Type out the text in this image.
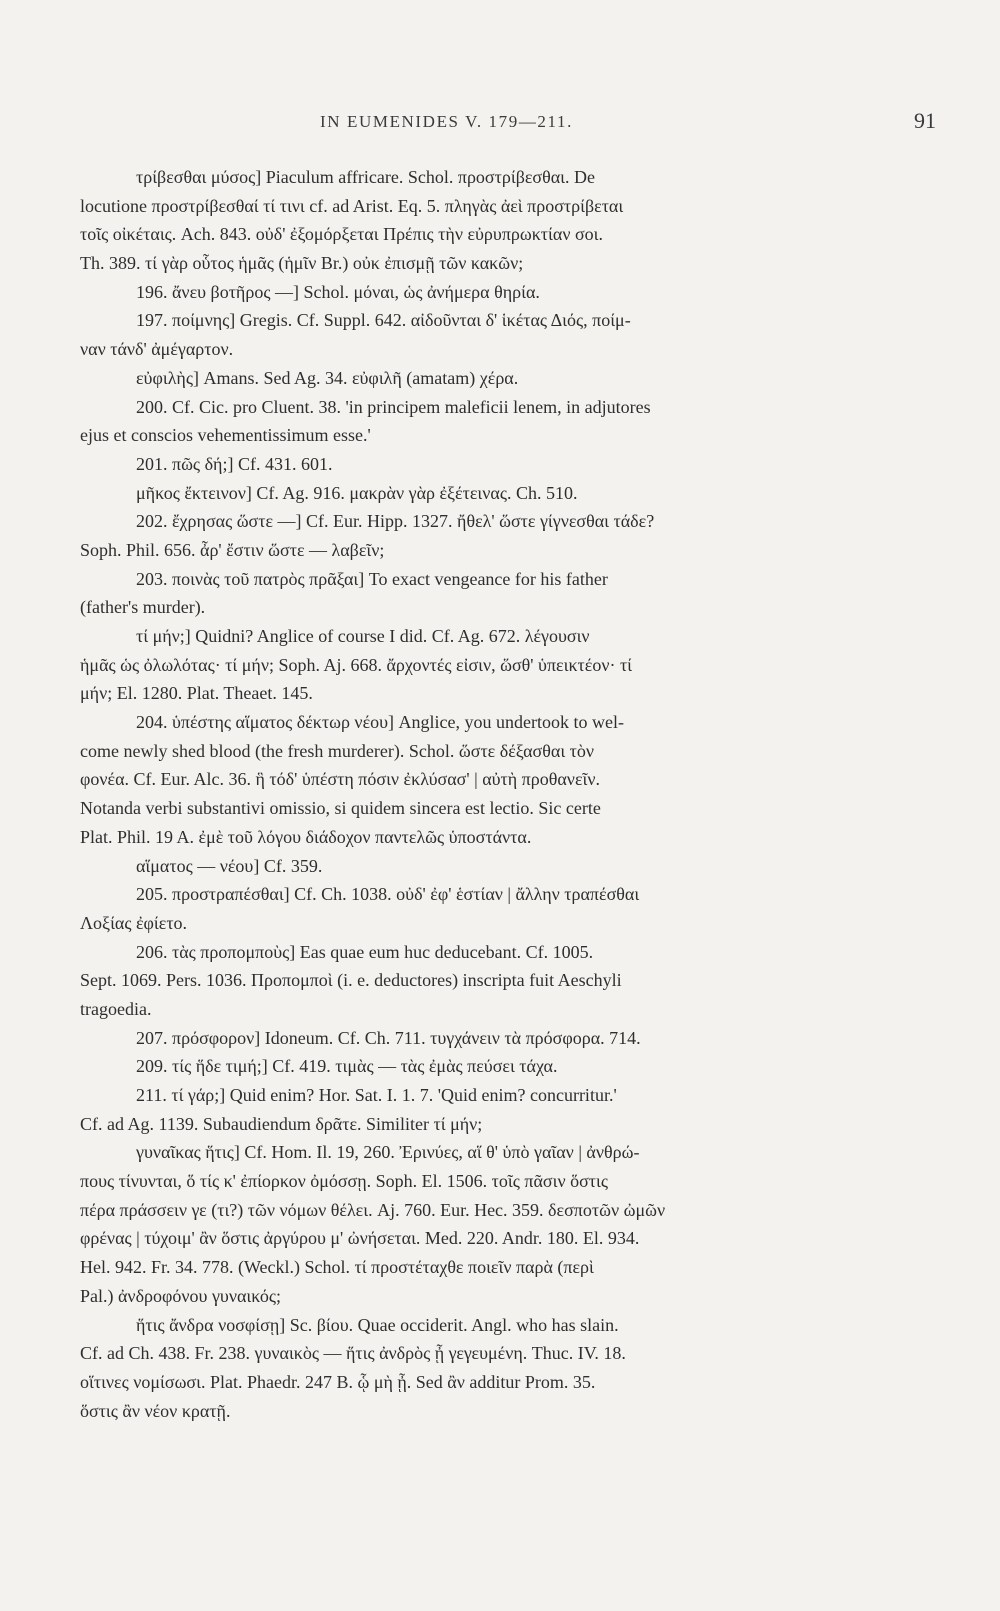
IN EUMENIDES V. 179—211.	91
τρίβεσθαι μύσος] Piaculum affricare. Schol. προστρίβεσθαι. De
locutione προστρίβεσθαί τί τινι cf. ad Arist. Eq. 5. πληγὰς ἀεὶ προστρίβεται
τοῖς οἰκέταις. Ach. 843. οὐδ' ἐξομόρξεται Πρέπις τὴν εὐρυπρωκτίαν σοι.
Th. 389. τί γὰρ οὗτος ἡμᾶς (ἡμῖν Br.) οὐκ ἐπισμῇ τῶν κακῶν;
196. ἄνευ βοτῆρος —] Schol. μόναι, ὡς ἀνήμερα θηρία.
197. ποίμνης] Gregis. Cf. Suppl. 642. αἰδοῦνται δ' ἱκέτας Διός, ποίμ-
ναν τάνδ' ἀμέγαρτον.
εὐφιλὴς] Amans. Sed Ag. 34. εὐφιλῆ (amatam) χέρα.
200. Cf. Cic. pro Cluent. 38. 'in principem maleficii lenem, in adjutores
ejus et conscios vehementissimum esse.'
201. πῶς δή;] Cf. 431. 601.
μῆκος ἔκτεινον] Cf. Ag. 916. μακρὰν γὰρ ἐξέτεινας. Ch. 510.
202. ἔχρησας ὥστε —] Cf. Eur. Hipp. 1327. ἤθελ' ὥστε γίγνεσθαι τάδε?
Soph. Phil. 656. ἆρ' ἔστιν ὥστε — λαβεῖν;
203. ποινὰς τοῦ πατρὸς πρᾶξαι] To exact vengeance for his father
(father's murder).
τί μήν;] Quidni? Anglice of course I did. Cf. Ag. 672. λέγουσιν
ἡμᾶς ὡς ὀλωλότας· τί μήν; Soph. Aj. 668. ἄρχοντές εἰσιν, ὥσθ' ὑπεικτέον· τί
μήν; El. 1280. Plat. Theaet. 145.
204. ὑπέστης αἵματος δέκτωρ νέου] Anglice, you undertook to wel-
come newly shed blood (the fresh murderer). Schol. ὥστε δέξασθαι τὸν
φονέα. Cf. Eur. Alc. 36. ἣ τόδ' ὑπέστη πόσιν ἐκλύσασ' | αὐτὴ προθανεῖν.
Notanda verbi substantivi omissio, si quidem sincera est lectio. Sic certe
Plat. Phil. 19 A. ἐμὲ τοῦ λόγου διάδοχον παντελῶς ὑποστάντα.
αἵματος — νέου] Cf. 359.
205. προστραπέσθαι] Cf. Ch. 1038. οὐδ' ἐφ' ἑστίαν | ἄλλην τραπέσθαι
Λοξίας ἐφίετο.
206. τὰς προπομποὺς] Eas quae eum huc deducebant. Cf. 1005.
Sept. 1069. Pers. 1036. Προπομποὶ (i. e. deductores) inscripta fuit Aeschyli
tragoedia.
207. πρόσφορον] Idoneum. Cf. Ch. 711. τυγχάνειν τὰ πρόσφορα. 714.
209. τίς ἥδε τιμή;] Cf. 419. τιμὰς — τὰς ἐμὰς πεύσει τάχα.
211. τί γάρ;] Quid enim? Hor. Sat. I. 1. 7. 'Quid enim? concurritur.'
Cf. ad Ag. 1139. Subaudiendum δρᾶτε. Similiter τί μήν;
γυναῖκας ἥτις] Cf. Hom. Il. 19, 260. Ἐρινύες, αἵ θ' ὑπὸ γαῖαν | ἀνθρώ-
πους τίνυνται, ὅ τίς κ' ἐπίορκον ὀμόσσῃ. Soph. El. 1506. τοῖς πᾶσιν ὅστις
πέρα πράσσειν γε (τι?) τῶν νόμων θέλει. Aj. 760. Eur. Hec. 359. δεσποτῶν ὠμῶν
φρένας | τύχοιμ' ἂν ὅστις ἀργύρου μ' ὠνήσεται. Med. 220. Andr. 180. El. 934.
Hel. 942. Fr. 34. 778. (Weckl.) Schol. τί προστέταχθε ποιεῖν παρὰ (περὶ
Pal.) ἀνδροφόνου γυναικός;
ἥτις ἄνδρα νοσφίσῃ] Sc. βίου. Quae occiderit. Angl. who has slain.
Cf. ad Ch. 438. Fr. 238. γυναικὸς — ἥτις ἀνδρὸς ᾖ γεγευμένη. Thuc. IV. 18.
οἵτινες νομίσωσι. Plat. Phaedr. 247 B. ᾧ μὴ ᾖ. Sed ἂν additur Prom. 35.
ὅστις ἂν νέον κρατῇ.
